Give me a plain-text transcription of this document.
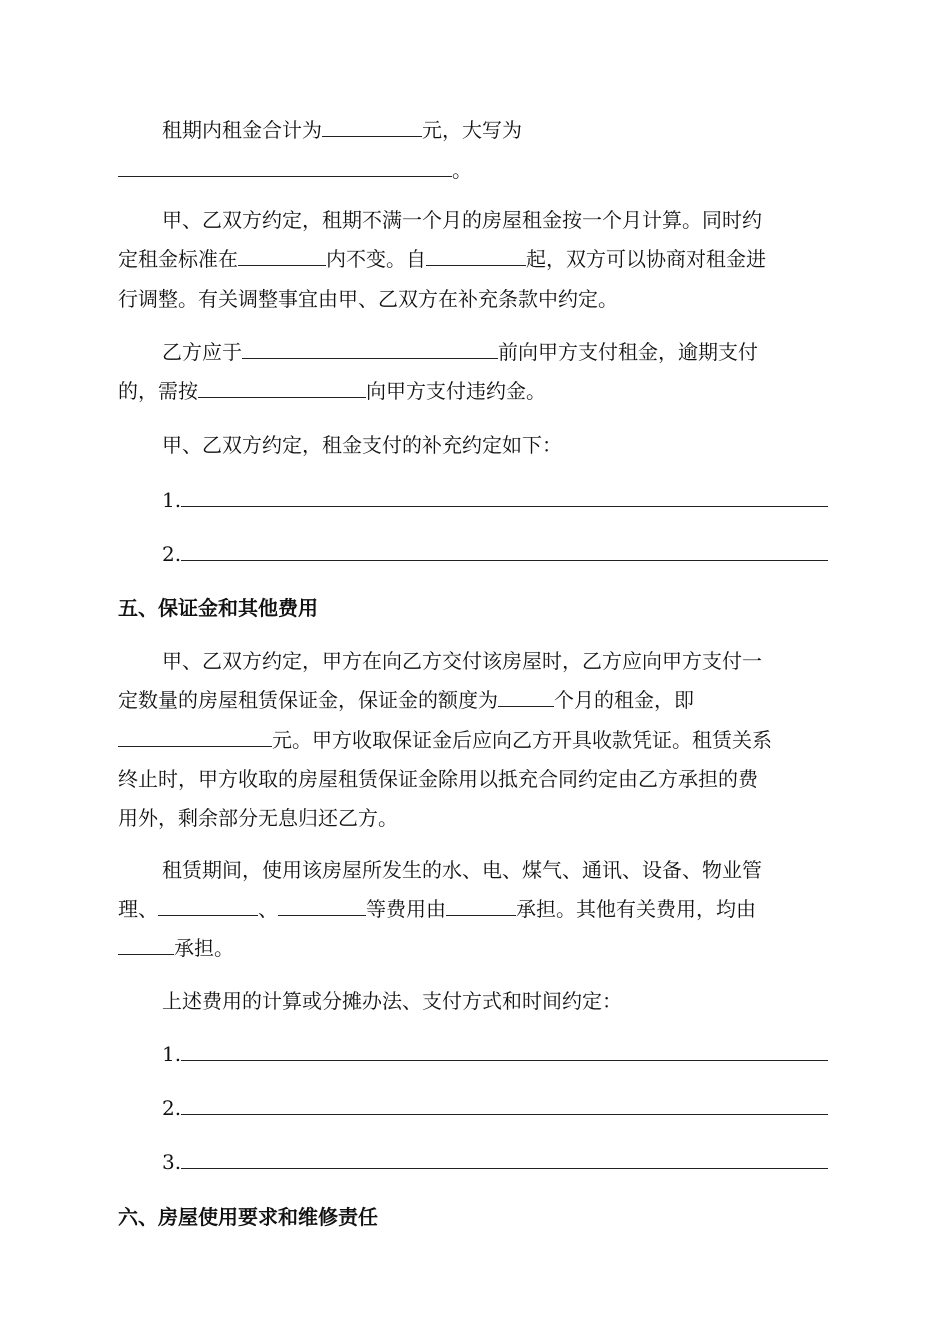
租期内租金合计为	元，大写为
。
甲、乙双方约定，租期不满一个月的房屋租金按一个月计算。同时约
定租金标准在	内不变。自	起，双方可以协商对租金进
行调整。有关调整事宜由甲、乙双方在补充条款中约定。
乙方应于	前向甲方支付租金，逾期支付
的，需按	向甲方支付违约金。
甲、乙双方约定，租金支付的补充约定如下：
1.
2.
五、保证金和其他费用
甲、乙双方约定，甲方在向乙方交付该房屋时，乙方应向甲方支付一
定数量的房屋租赁保证金，保证金的额度为	个月的租金，即
元。甲方收取保证金后应向乙方开具收款凭证。租赁关系
终止时，甲方收取的房屋租赁保证金除用以抵充合同约定由乙方承担的费
用外，剩余部分无息归还乙方。
租赁期间，使用该房屋所发生的水、电、煤气、通讯、设备、物业管
理、	、	等费用由	承担。其他有关费用，均由
承担。
上述费用的计算或分摊办法、支付方式和时间约定：
1.
2.
3.
六、房屋使用要求和维修责任
